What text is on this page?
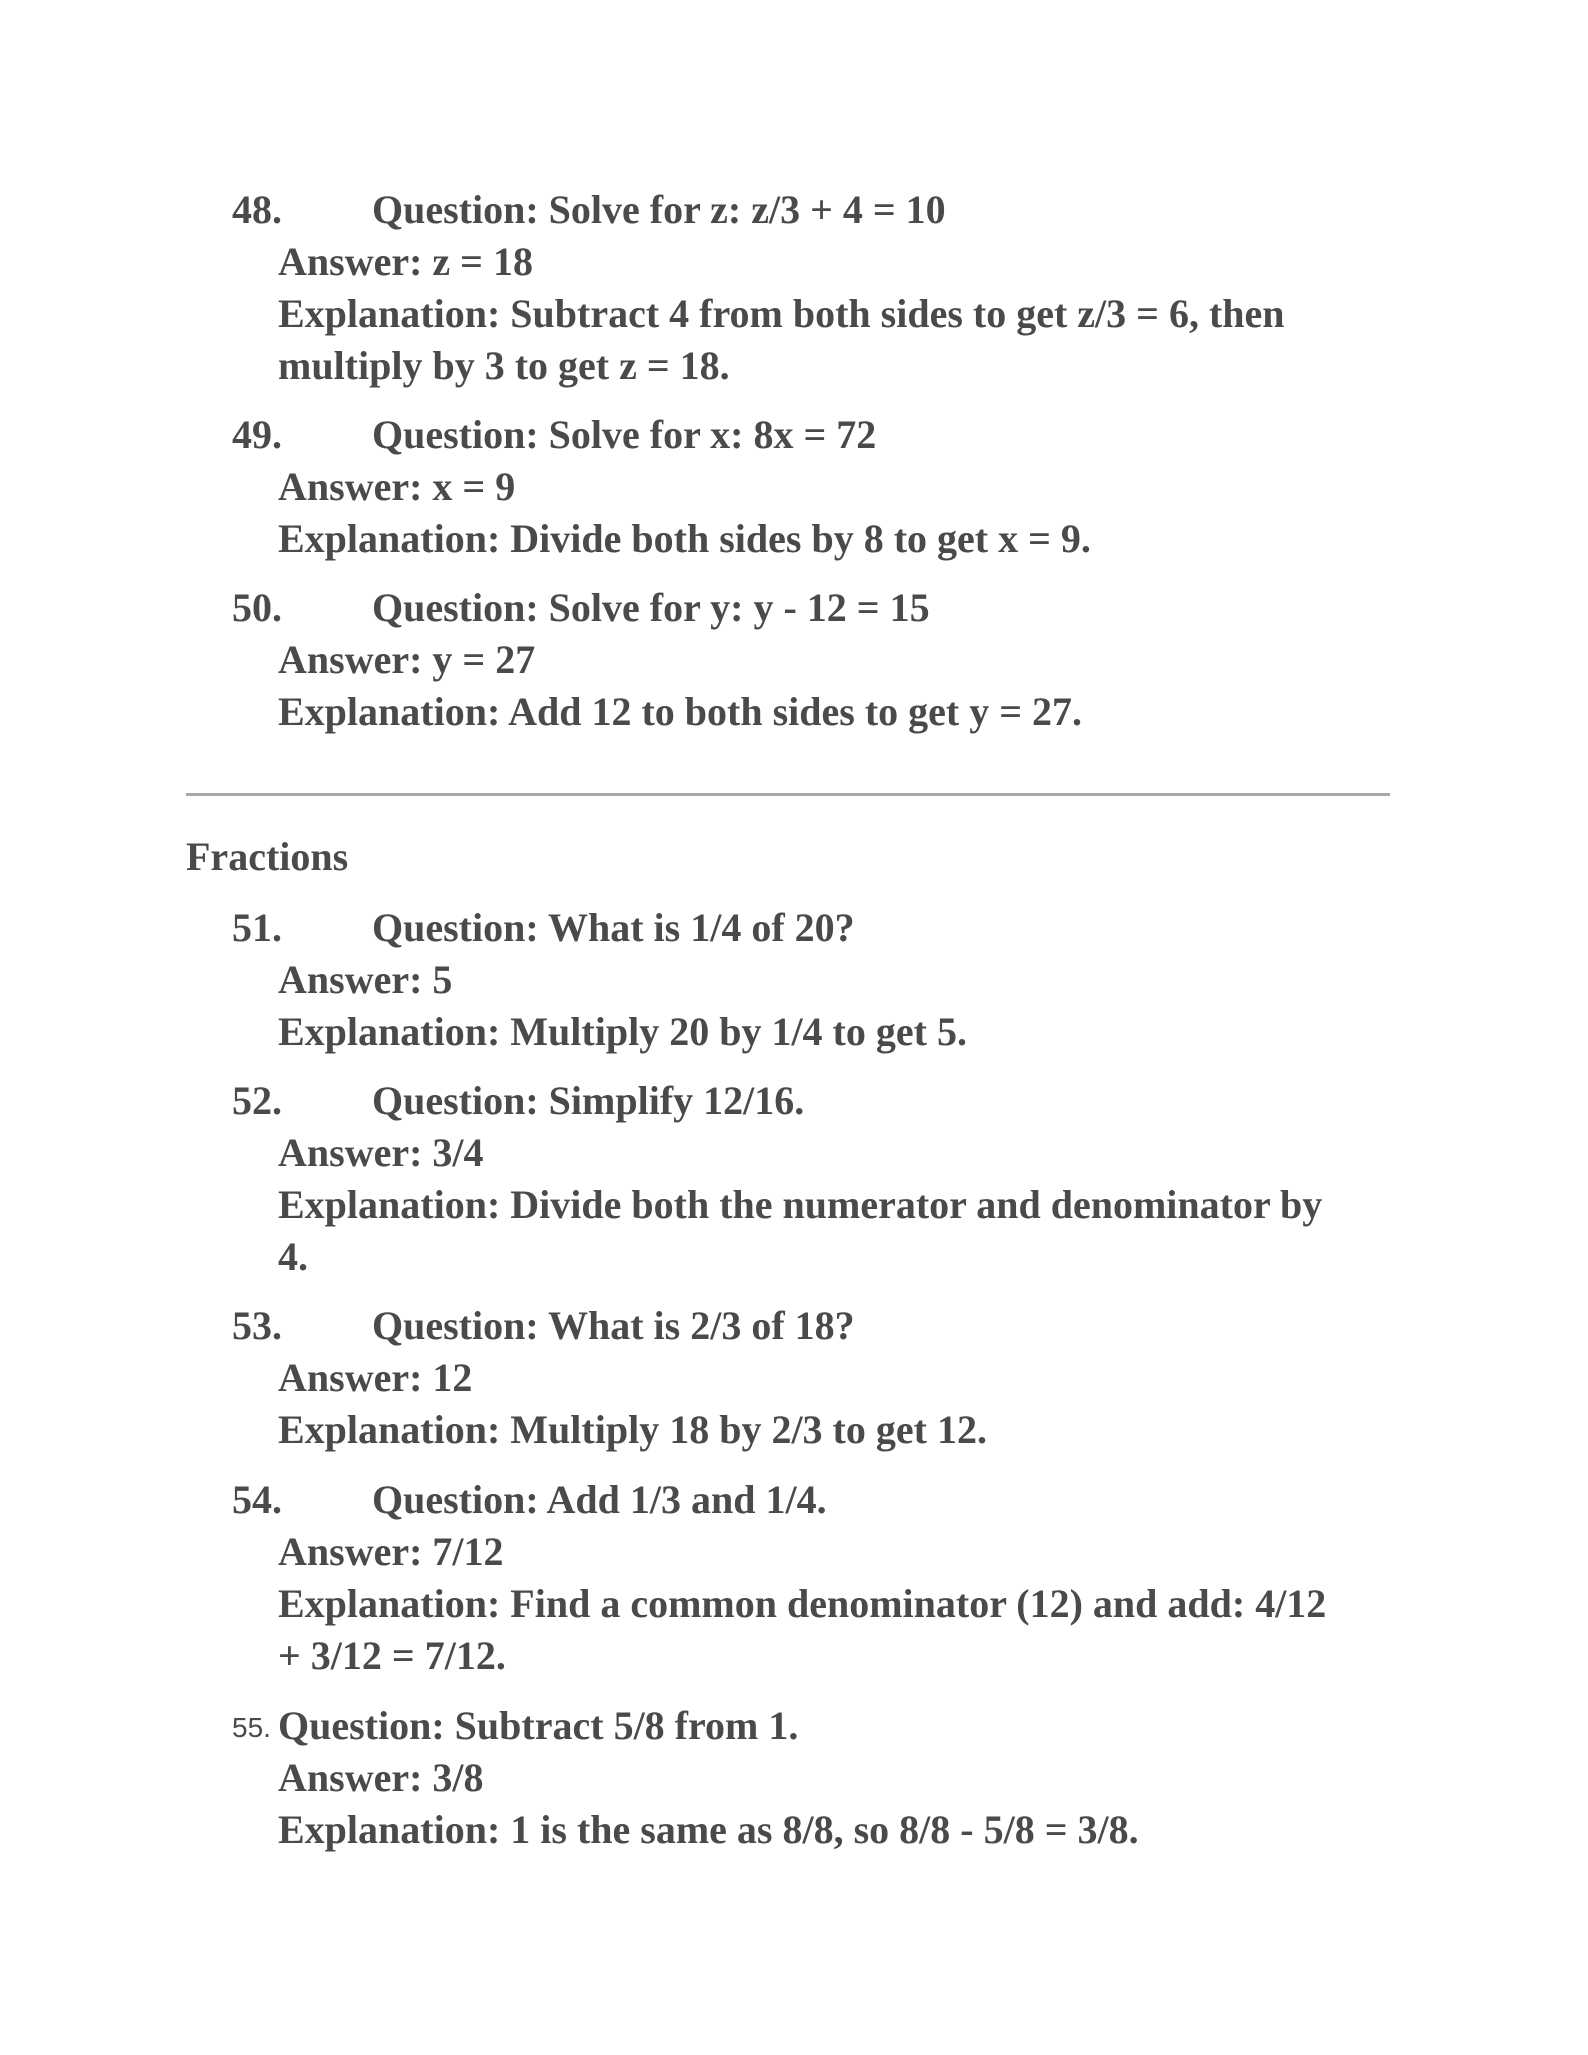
48. Question: Solve for z: z/3 + 4 = 10
Answer: z = 18
Explanation: Subtract 4 from both sides to get z/3 = 6, then
multiply by 3 to get z = 18.
49. Question: Solve for x: 8x = 72
Answer: x = 9
Explanation: Divide both sides by 8 to get x = 9.
50. Question: Solve for y: y - 12 = 15
Answer: y = 27
Explanation: Add 12 to both sides to get y = 27.
Fractions
51. Question: What is 1/4 of 20?
Answer: 5
Explanation: Multiply 20 by 1/4 to get 5.
52. Question: Simplify 12/16.
Answer: 3/4
Explanation: Divide both the numerator and denominator by
4.
53. Question: What is 2/3 of 18?
Answer: 12
Explanation: Multiply 18 by 2/3 to get 12.
54. Question: Add 1/3 and 1/4.
Answer: 7/12
Explanation: Find a common denominator (12) and add: 4/12
+ 3/12 = 7/12.
55. Question: Subtract 5/8 from 1.
Answer: 3/8
Explanation: 1 is the same as 8/8, so 8/8 - 5/8 = 3/8.
